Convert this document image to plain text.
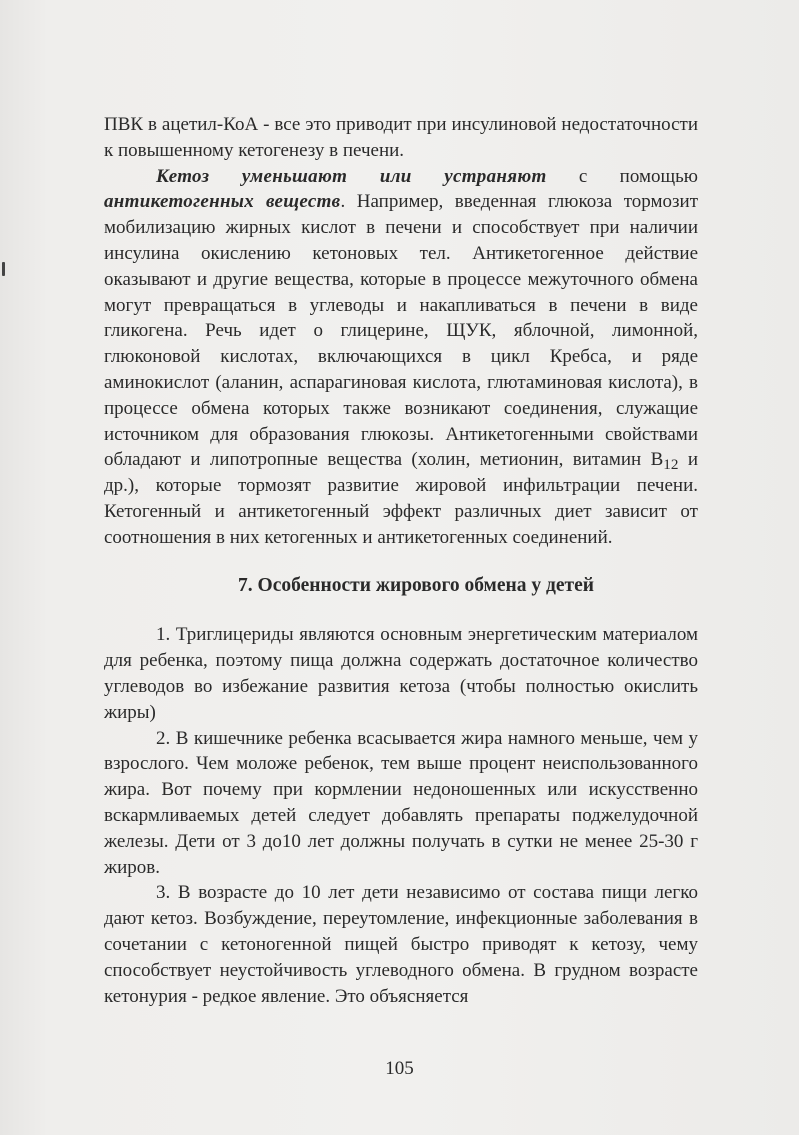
ПВК в ацетил-КоА - все это приводит при инсулиновой недостаточности к повышенному кетогенезу в печени.

Кетоз уменьшают или устраняют с помощью антикетогенных веществ. Например, введенная глюкоза тормозит мобилизацию жирных кислот в печени и способствует при наличии инсулина окислению кетоновых тел. Антикетогенное действие оказывают и другие вещества, которые в процессе межуточного обмена могут превращаться в углеводы и накапливаться в печени в виде гликогена. Речь идет о глицерине, ЩУК, яблочной, лимонной, глюконовой кислотах, включающихся в цикл Кребса, и ряде аминокислот (аланин, аспарагиновая кислота, глютаминовая кислота), в процессе обмена которых также возникают соединения, служащие источником для образования глюкозы. Антикетогенными свойствами обладают и липотропные вещества (холин, метионин, витамин $B_{12}$ и др.), которые тормозят развитие жировой инфильтрации печени. Кетогенный и антикетогенный эффект различных диет зависит от соотношения в них кетогенных и антикетогенных соединений.

7. Особенности жирового обмена у детей

1. Триглицериды являются основным энергетическим материалом для ребенка, поэтому пища должна содержать достаточное количество углеводов во избежание развития кетоза (чтобы полностью окислить жиры)

2. В кишечнике ребенка всасывается жира намного меньше, чем у взрослого. Чем моложе ребенок, тем выше процент неиспользованного жира. Вот почему при кормлении недоношенных или искусственно вскармливаемых детей следует добавлять препараты поджелудочной железы. Дети от 3 до10 лет должны получать в сутки не менее 25-30 г жиров.

3. В возрасте до 10 лет дети независимо от состава пищи легко дают кетоз. Возбуждение, переутомление, инфекционные заболевания в сочетании с кетоногенной пищей быстро приводят к кетозу, чему способствует неустойчивость углеводного обмена. В грудном возрасте кетонурия - редкое явление. Это объясняется

105
